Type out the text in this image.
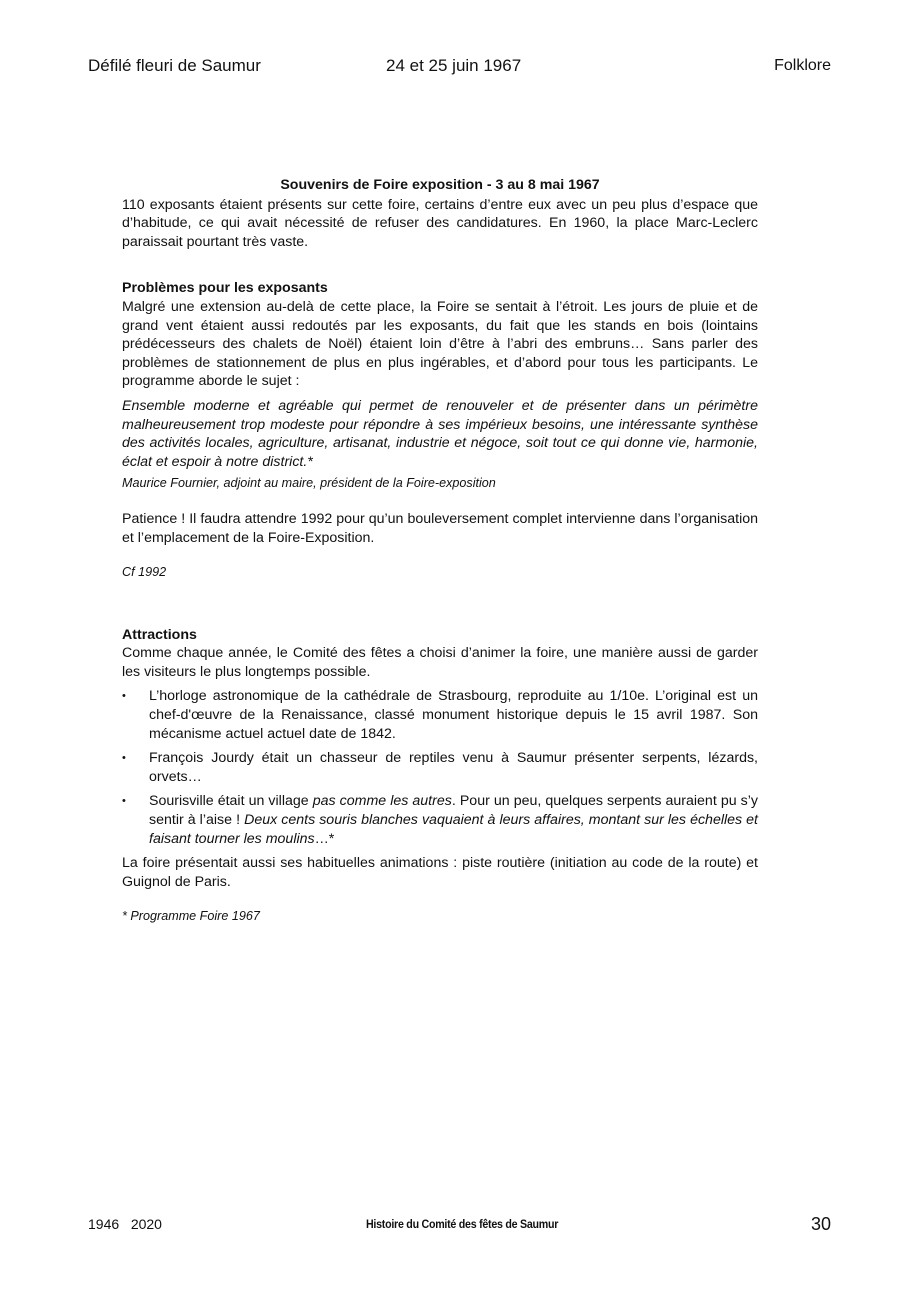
Défilé fleuri de Saumur	24 et 25 juin 1967	Folklore

Souvenirs de Foire exposition - 3 au 8 mai 1967

110 exposants étaient présents sur cette foire, certains d’entre eux avec un peu plus d’espace que d’habitude, ce qui avait nécessité de refuser des candidatures. En 1960, la place Marc-Leclerc paraissait pourtant très vaste.

Problèmes pour les exposants

Malgré une extension au-delà de cette place, la Foire se sentait à l’étroit. Les jours de pluie et de grand vent étaient aussi redoutés par les exposants, du fait que les stands en bois (lointains prédécesseurs des chalets de Noël) étaient loin d’être à l’abri des embruns… Sans parler des problèmes de stationnement de plus en plus ingérables, et d’abord pour tous les participants. Le programme aborde le sujet :

Ensemble moderne et agréable qui permet de renouveler et de présenter dans un périmètre malheureusement trop modeste pour répondre à ses impérieux besoins, une intéressante synthèse des activités locales, agriculture, artisanat, industrie et négoce, soit tout ce qui donne vie, harmonie, éclat et espoir à notre district.*

Maurice Fournier, adjoint au maire, président de la Foire-exposition

Patience ! Il faudra attendre 1992 pour qu’un bouleversement complet intervienne dans l’organisation et l’emplacement de la Foire-Exposition.

Cf 1992

Attractions

Comme chaque année, le Comité des fêtes a choisi d’animer la foire, une manière aussi de garder les visiteurs le plus longtemps possible.

• L’horloge astronomique de la cathédrale de Strasbourg, reproduite au 1/10e. L’original est un chef-d'œuvre de la Renaissance, classé monument historique depuis le 15 avril 1987. Son mécanisme actuel actuel date de 1842.
• François Jourdy était un chasseur de reptiles venu à Saumur présenter serpents, lézards, orvets…
• Sourisville était un village pas comme les autres. Pour un peu, quelques serpents auraient pu s’y sentir à l’aise ! Deux cents souris blanches vaquaient à leurs affaires, montant sur les échelles et faisant tourner les moulins…*

La foire présentait aussi ses habituelles animations : piste routière (initiation au code de la route) et Guignol de Paris.

* Programme Foire 1967

1946   2020	Histoire du Comité des fêtes de Saumur	30
